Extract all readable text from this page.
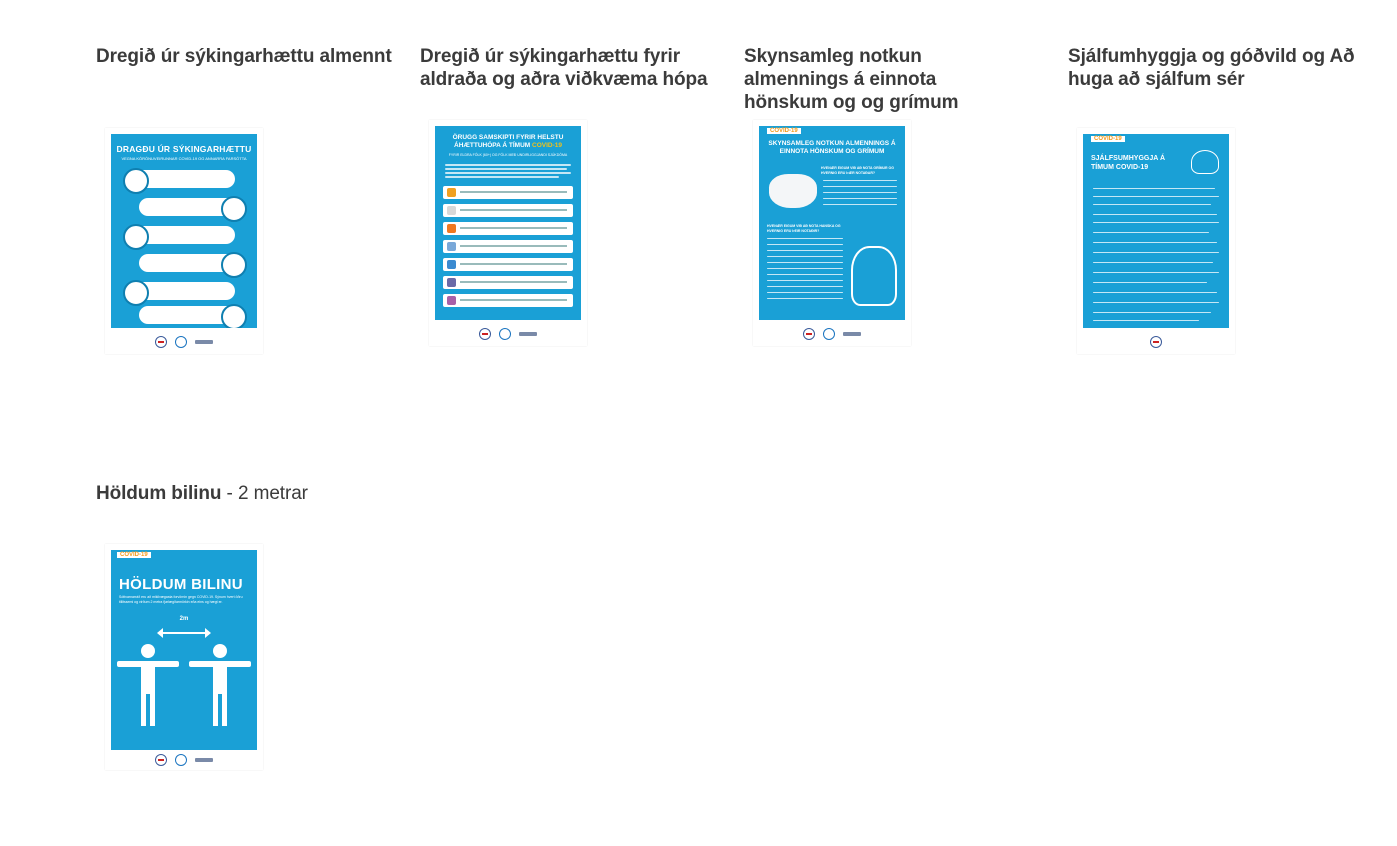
Dregið úr sýkingarhættu almennt
DRAGÐU ÚR SÝKINGARHÆTTU
VEGNA KÓRÓNUVEIRUNNAR COVID-19 OG ANNARRA FARSÓTTA
Dregið úr sýkingarhættu fyrir aldraða og aðra viðkvæma hópa
ÖRUGG SAMSKIPTI FYRIR HELSTU ÁHÆTTUHÓPA Á TÍMUM COVID-19
FYRIR ELDRA FÓLK (60+) OG FÓLK MEÐ UNDIRLIGGJANDI SJÚKDÓMA
Skynsamleg notkun almennings á einnota hönskum og og grímum
COVID-19
SKYNSAMLEG NOTKUN ALMENNINGS Á EINNOTA HÖNSKUM OG GRÍMUM
HVENÆR EIGUM VIÐ AÐ NOTA GRÍMUR OG HVERNIG ERU ÞÆR NOTAÐAR?
HVENÆR EIGUM VIÐ AÐ NOTA HANSKA OG HVERNIG ERU ÞEIR NOTAÐIR?
Sjálfumhyggja og góðvild og Að huga að sjálfum sér
COVID-19
SJÁLFSUMHYGGJA Á TÍMUM COVID-19
Höldum bilinu - 2 metrar
COVID-19
HÖLDUM BILINU
Sóttvarnarráð eru að mikilvægasta forvörnin gegn COVID-19. Sýnum hvert öðru tillitssemi og virðum 2 metra fjarlægðarmörkin eða eins og hægt er.
2m
